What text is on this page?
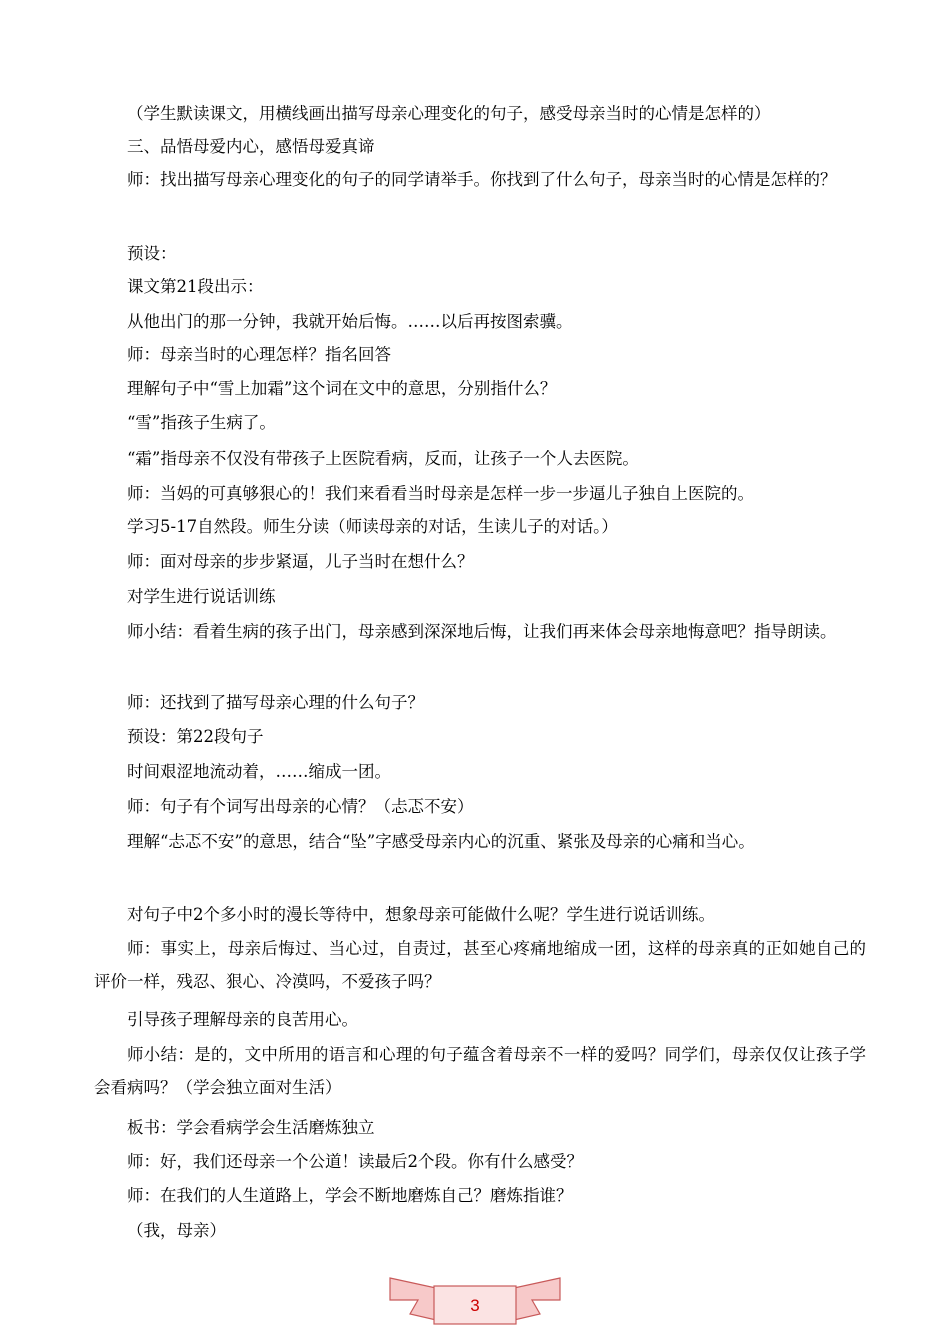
（学生默读课文，用横线画出描写母亲心理变化的句子，感受母亲当时的心情是怎样的）

三、品悟母爱内心，感悟母爱真谛

师：找出描写母亲心理变化的句子的同学请举手。你找到了什么句子，母亲当时的心情是怎样的？

预设：

课文第21段出示：

从他出门的那一分钟，我就开始后悔。……以后再按图索骥。

师：母亲当时的心理怎样？指名回答

理解句子中“雪上加霜”这个词在文中的意思，分别指什么？

“雪”指孩子生病了。

“霜”指母亲不仅没有带孩子上医院看病，反而，让孩子一个人去医院。

师：当妈的可真够狠心的！我们来看看当时母亲是怎样一步一步逼儿子独自上医院的。

学习5-17自然段。师生分读（师读母亲的对话，生读儿子的对话。）

师：面对母亲的步步紧逼，儿子当时在想什么？

对学生进行说话训练

师小结：看着生病的孩子出门，母亲感到深深地后悔，让我们再来体会母亲地悔意吧？指导朗读。

师：还找到了描写母亲心理的什么句子？

预设：第22段句子

时间艰涩地流动着，……缩成一团。

师：句子有个词写出母亲的心情？（忐忑不安）

理解“忐忑不安”的意思，结合“坠”字感受母亲内心的沉重、紧张及母亲的心痛和当心。

对句子中2个多小时的漫长等待中，想象母亲可能做什么呢？学生进行说话训练。

师：事实上，母亲后悔过、当心过，自责过，甚至心疼痛地缩成一团，这样的母亲真的正如她自己的评价一样，残忍、狠心、冷漠吗，不爱孩子吗？

引导孩子理解母亲的良苦用心。

师小结：是的，文中所用的语言和心理的句子蕴含着母亲不一样的爱吗？同学们，母亲仅仅让孩子学会看病吗？（学会独立面对生活）

板书：学会看病学会生活磨炼独立

师：好，我们还母亲一个公道！读最后2个段。你有什么感受？

师：在我们的人生道路上，学会不断地磨炼自己？磨炼指谁？

（我，母亲）

3
